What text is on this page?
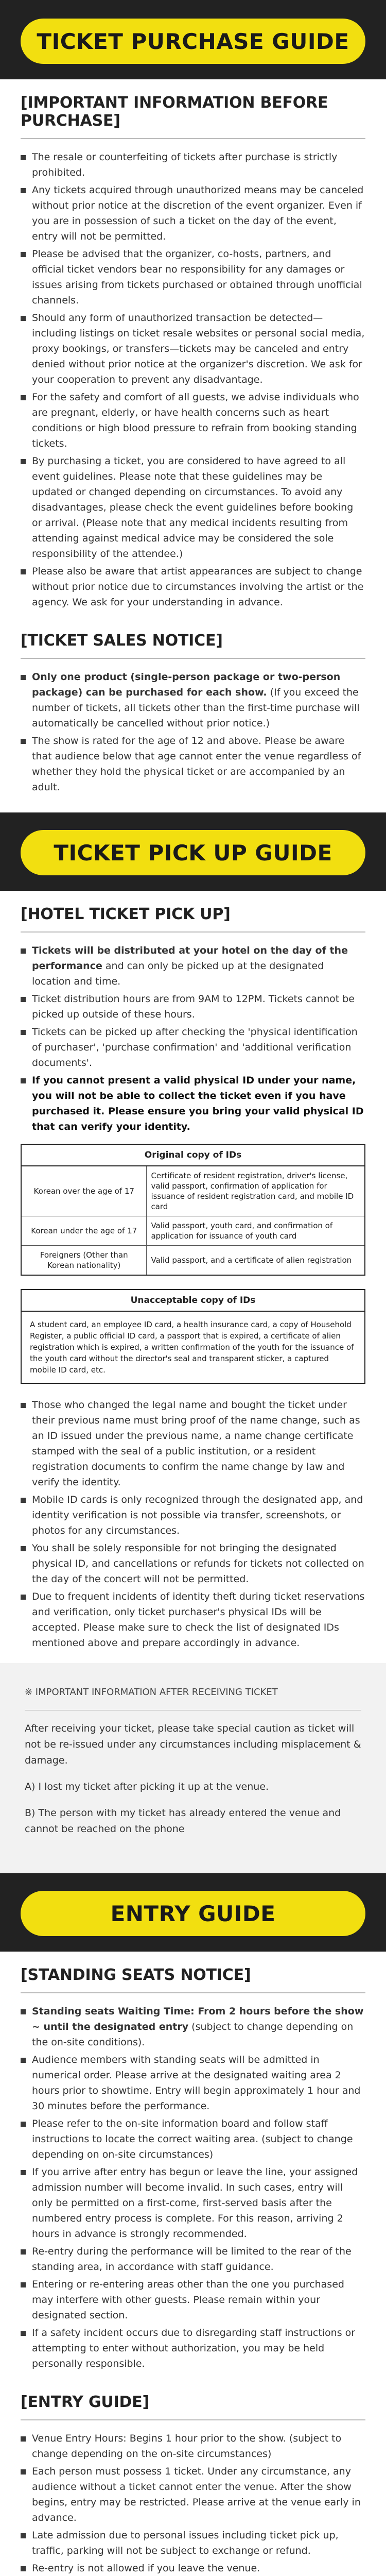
TICKET PURCHASE GUIDE
[IMPORTANT INFORMATION BEFORE PURCHASE]
The resale or counterfeiting of tickets after purchase is strictly prohibited.
Any tickets acquired through unauthorized means may be canceled without prior notice at the discretion of the event organizer. Even if you are in possession of such a ticket on the day of the event, entry will not be permitted.
Please be advised that the organizer, co-hosts, partners, and official ticket vendors bear no responsibility for any damages or issues arising from tickets purchased or obtained through unofficial channels.
Should any form of unauthorized transaction be detected—including listings on ticket resale websites or personal social media, proxy bookings, or transfers—tickets may be canceled and entry denied without prior notice at the organizer's discretion. We ask for your cooperation to prevent any disadvantage.
For the safety and comfort of all guests, we advise individuals who are pregnant, elderly, or have health concerns such as heart conditions or high blood pressure to refrain from booking standing tickets.
By purchasing a ticket, you are considered to have agreed to all event guidelines. Please note that these guidelines may be updated or changed depending on circumstances. To avoid any disadvantages, please check the event guidelines before booking or arrival. (Please note that any medical incidents resulting from attending against medical advice may be considered the sole responsibility of the attendee.)
Please also be aware that artist appearances are subject to change without prior notice due to circumstances involving the artist or the agency. We ask for your understanding in advance.
[TICKET SALES NOTICE]
Only one product (single-person package or two-person package) can be purchased for each show. (If you exceed the number of tickets, all tickets other than the first-time purchase will automatically be cancelled without prior notice.)
The show is rated for the age of 12 and above. Please be aware that audience below that age cannot enter the venue regardless of whether they hold the physical ticket or are accompanied by an adult.
TICKET PICK UP GUIDE
[HOTEL TICKET PICK UP]
Tickets will be distributed at your hotel on the day of the performance and can only be picked up at the designated location and time.
Ticket distribution hours are from 9AM to 12PM. Tickets cannot be picked up outside of these hours.
Tickets can be picked up after checking the 'physical identification of purchaser', 'purchase confirmation' and 'additional verification documents'.
If you cannot present a valid physical ID under your name, you will not be able to collect the ticket even if you have purchased it. Please ensure you bring your valid physical ID that can verify your identity.
Original copy of IDs
Korean over the age of 17
Certificate of resident registration, driver's license, valid passport, confirmation of application for issuance of resident registration card, and mobile ID card
Korean under the age of 17
Valid passport, youth card, and confirmation of application for issuance of youth card
Foreigners (Other than Korean nationality)
Valid passport, and a certificate of alien registration
Unacceptable copy of IDs
A student card, an employee ID card, a health insurance card, a copy of Household Register, a public official ID card, a passport that is expired, a certificate of alien registration which is expired, a written confirmation of the youth for the issuance of the youth card without the director's seal and transparent sticker, a captured mobile ID card, etc.
Those who changed the legal name and bought the ticket under their previous name must bring proof of the name change, such as an ID issued under the previous name, a name change certificate stamped with the seal of a public institution, or a resident registration documents to confirm the name change by law and verify the identity.
Mobile ID cards is only recognized through the designated app, and identity verification is not possible via transfer, screenshots, or photos for any circumstances.
You shall be solely responsible for not bringing the designated physical ID, and cancellations or refunds for tickets not collected on the day of the concert will not be permitted.
Due to frequent incidents of identity theft during ticket reservations and verification, only ticket purchaser's physical IDs will be accepted. Please make sure to check the list of designated IDs mentioned above and prepare accordingly in advance.
※ IMPORTANT INFORMATION AFTER RECEIVING TICKET

After receiving your ticket, please take special caution as ticket will not be re-issued under any circumstances including misplacement & damage.

A) I lost my ticket after picking it up at the venue.

B) The person with my ticket has already entered the venue and cannot be reached on the phone

ENTRY GUIDE
[STANDING SEATS NOTICE]
Standing seats Waiting Time: From 2 hours before the show ~ until the designated entry (subject to change depending on the on-site conditions).
Audience members with standing seats will be admitted in numerical order. Please arrive at the designated waiting area 2 hours prior to showtime. Entry will begin approximately 1 hour and 30 minutes before the performance.
Please refer to the on-site information board and follow staff instructions to locate the correct waiting area. (subject to change depending on on-site circumstances)
If you arrive after entry has begun or leave the line, your assigned admission number will become invalid. In such cases, entry will only be permitted on a first-come, first-served basis after the numbered entry process is complete. For this reason, arriving 2 hours in advance is strongly recommended.
Re-entry during the performance will be limited to the rear of the standing area, in accordance with staff guidance.
Entering or re-entering areas other than the one you purchased may interfere with other guests. Please remain within your designated section.
If a safety incident occurs due to disregarding staff instructions or attempting to enter without authorization, you may be held personally responsible.
[ENTRY GUIDE]
Venue Entry Hours: Begins 1 hour prior to the show. (subject to change depending on the on-site circumstances)
Each person must possess 1 ticket. Under any circumstance, any audience without a ticket cannot enter the venue. After the show begins, entry may be restricted. Please arrive at the venue early in advance.
Late admission due to personal issues including ticket pick up, traffic, parking will not be subject to exchange or refund.
Re-entry is not allowed if you leave the venue.
